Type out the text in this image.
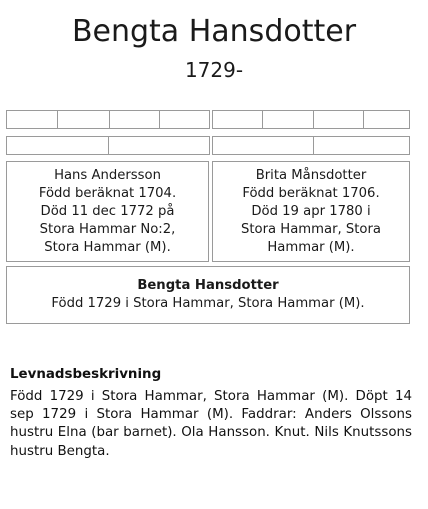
Bengta Hansdotter
1729-
Hans Andersson
Född beräknat 1704.
Död 11 dec 1772 på
Stora Hammar No:2,
Stora Hammar (M).
Brita Månsdotter
Född beräknat 1706.
Död 19 apr 1780 i
Stora Hammar, Stora
Hammar (M).
Bengta Hansdotter
Född 1729 i Stora Hammar, Stora Hammar (M).
Levnadsbeskrivning
Född 1729 i Stora Hammar, Stora Hammar (M). Döpt 14 sep 1729 i Stora Hammar (M). Faddrar: Anders Olssons hustru Elna (bar barnet). Ola Hansson. Knut. Nils Knutssons hustru Bengta.
